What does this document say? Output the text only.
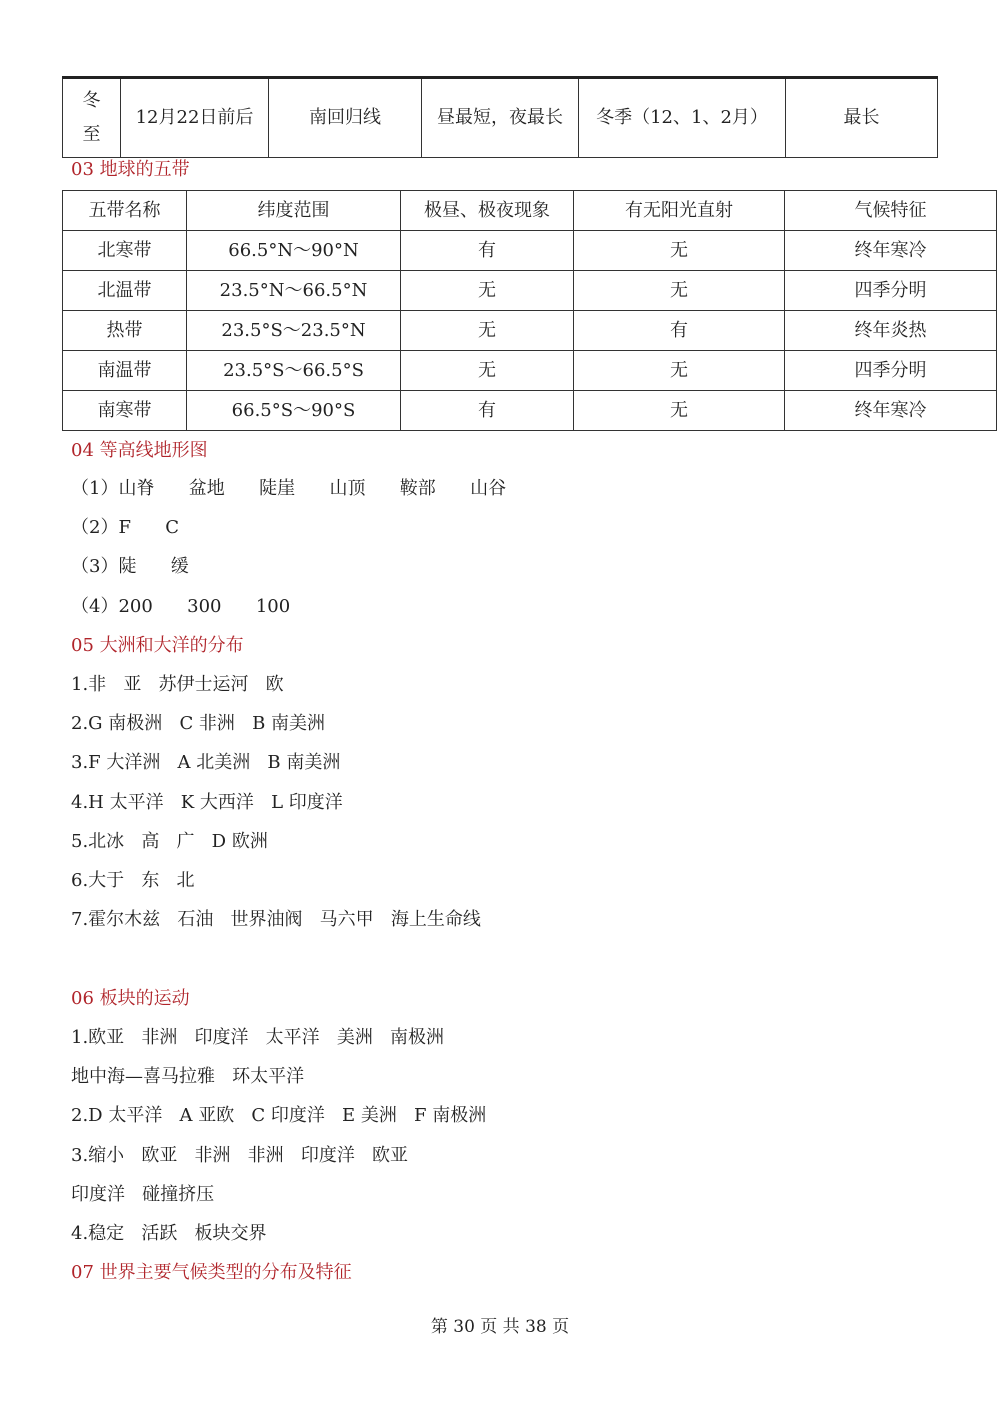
冬
至	12月22日前后	南回归线	昼最短，夜最长	冬季（12、1、2月）	最长
03 地球的五带
五带名称	纬度范围	极昼、极夜现象	有无阳光直射	气候特征
北寒带	66.5°N～90°N	有	无	终年寒冷
北温带	23.5°N～66.5°N	无	无	四季分明
热带	23.5°S～23.5°N	无	有	终年炎热
南温带	23.5°S～66.5°S	无	无	四季分明
南寒带	66.5°S～90°S	有	无	终年寒冷
04 等高线地形图
（1）山脊      盆地      陡崖      山顶      鞍部      山谷
（2）F      C
（3）陡      缓
（4）200      300      100
05 大洲和大洋的分布
1.非   亚   苏伊士运河   欧
2.G 南极洲   C 非洲   B 南美洲
3.F 大洋洲   A 北美洲   B 南美洲
4.H 太平洋   K 大西洋   L 印度洋
5.北冰   高   广   D 欧洲
6.大于   东   北
7.霍尔木兹   石油   世界油阀   马六甲   海上生命线
06 板块的运动
1.欧亚   非洲   印度洋   太平洋   美洲   南极洲
地中海—喜马拉雅   环太平洋
2.D 太平洋   A 亚欧   C 印度洋   E 美洲   F 南极洲
3.缩小   欧亚   非洲   非洲   印度洋   欧亚
印度洋   碰撞挤压
4.稳定   活跃   板块交界
07 世界主要气候类型的分布及特征
第 30 页 共 38 页
